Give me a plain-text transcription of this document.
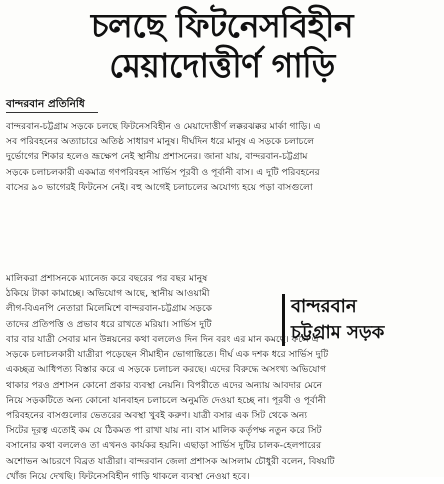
চলছে ফিটনেসবিহীন
মেয়াদোত্তীর্ণ গাড়ি
বান্দরবান প্রতিনিধি
বান্দরবান-চট্টগ্রাম সড়কে চলছে ফিটনেসবিহীন ও মেয়াদোত্তীর্ণ লক্করঝক্কর মার্কা গাড়ি। এ
সব পরিবহনের অত্যাচারে অতিষ্ঠ সাধারণ মানুষ। দীর্ঘদিন ধরে মানুষ এ সড়কে চলাচলে
দুর্ভোগের শিকার হলেও ভ্রূক্ষেপ নেই স্থানীয় প্রশাসনের। জানা যায়, বান্দরবান-চট্টগ্রাম
সড়কে চলাচলকারী একমাত্র গণপরিবহন সার্ভিস পূরবী ও পূর্বানী বাস। এ দুটি পরিবহনের
বাসের ৯০ ভাগেরই ফিটনেস নেই। বহু আগেই চলাচলের অযোগ্য হয়ে পড়া বাসগুলো
মালিকরা প্রশাসনকে ম্যানেজ করে বছরের পর বছর মানুষ
ঠকিয়ে টাকা কামাচ্ছে। অভিযোগ আছে, স্থানীয় আওয়ামী
লীগ-বিএনপি নেতারা মিলেমিশে বান্দরবান-চট্টগ্রাম সড়কে
তাদের প্রতিপত্তি ও প্রভাব ধরে রাখতে মরিয়া। সার্ভিস দুটি
বান্দরবান
চট্টগ্রাম সড়ক
বার বার যাত্রী সেবার মান উন্নয়নের কথা বললেও দিন দিন বরং এর মান কমছে। ফলে এ
সড়কে চলাচলকারী যাত্রীরা পড়েছেন সীমাহীন ভোগান্তিতে। দীর্ঘ এক দশক ধরে সার্ভিস দুটি
একচ্ছত্র আধিপত্য বিস্তার করে এ সড়কে চলাচল করছে। এদের বিরুদ্ধে অসংখ্য অভিযোগ
থাকার পরও প্রশাসন কোনো প্রকার ব্যবস্থা নেয়নি। বিপরীতে এদের অন্যায় আবদার মেনে
নিয়ে সড়কটিতে অন্য কোনো যানবাহন চলাচলে অনুমতি দেওয়া হচ্ছে না। পূরবী ও পূর্বানী
পরিবহনের বাসগুলোর ভেতরের অবস্থা খুবই করুণ। যাত্রী বসার এক সিট থেকে অন্য
সিটের দূরত্ব এতোই কম যে ঠিকমত পা রাখা যায় না। বাস মালিক কর্তৃপক্ষ নতুন করে সিট
বসানোর কথা বললেও তা এখনও কার্যকর হয়নি। এছাড়া সার্ভিস দুটির চালক-হেলপারের
অশোভন আচরণে বিব্রত যাত্রীরা। বান্দরবান জেলা প্রশাসক আসলাম চৌধুরী বলেন, বিষয়টি
খোঁজ নিয়ে দেখছি। ফিটনেসবিহীন গাড়ি থাকলে ব্যবস্থা নেওয়া হবে।
